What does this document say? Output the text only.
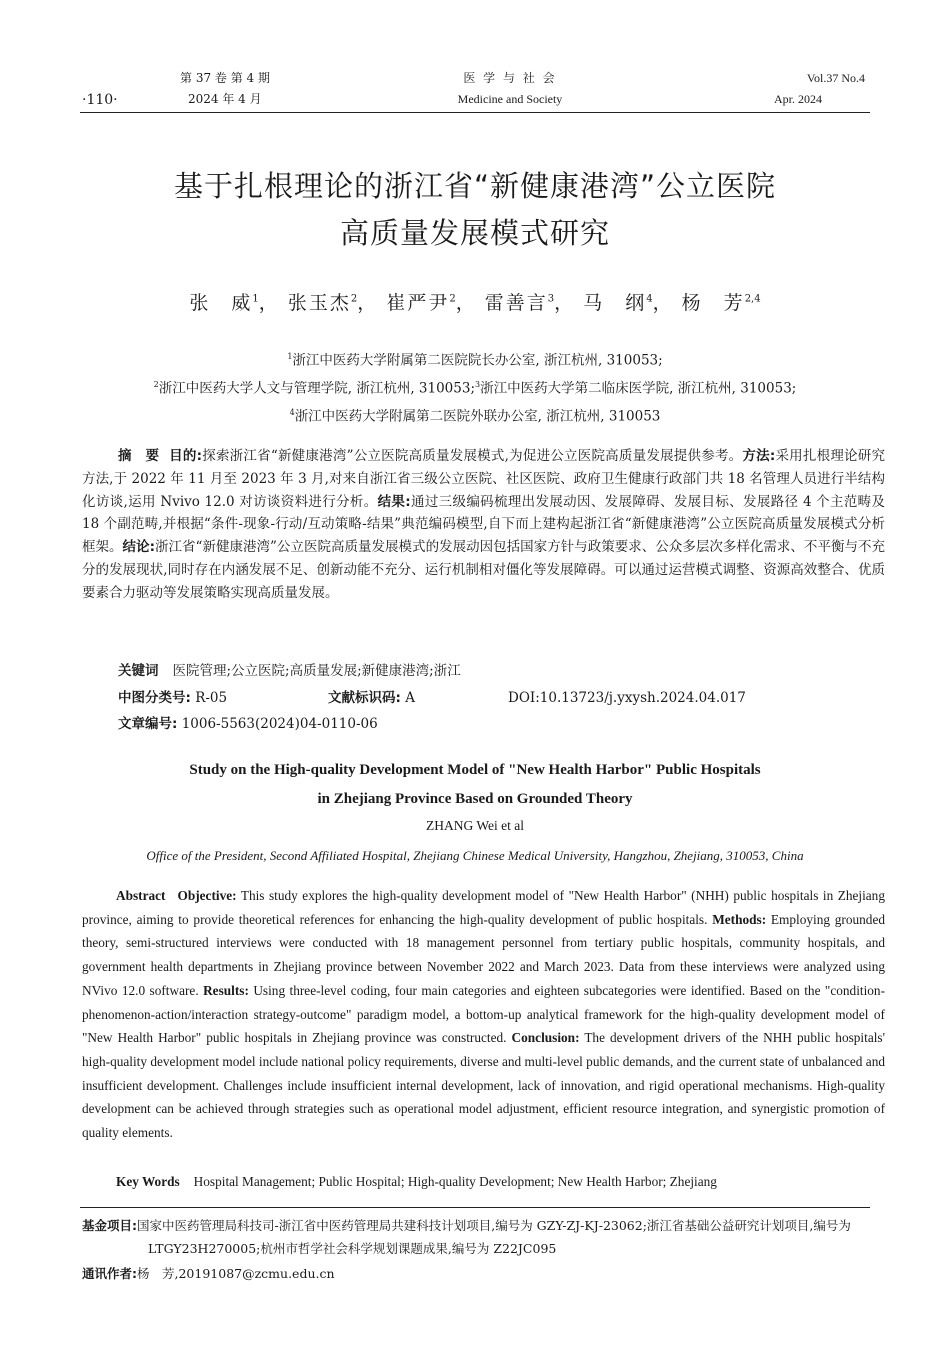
·110·
第 37 卷 第 4 期
2024 年 4 月
医 学 与 社 会
Medicine and Society
Vol.37 No.4
Apr. 2024
基于扎根理论的浙江省“新健康港湾”公立医院
高质量发展模式研究
张　威$^1$， 张玉杰$^2$， 崔严尹$^2$， 雷善言$^3$， 马　纲$^4$， 杨　芳$^{2,4}$
$^1$浙江中医药大学附属第二医院院长办公室, 浙江杭州, 310053;
$^2$浙江中医药大学人文与管理学院, 浙江杭州, 310053;$^3$浙江中医药大学第二临床医学院, 浙江杭州, 310053;
$^4$浙江中医药大学附属第二医院外联办公室, 浙江杭州, 310053
摘　要 目的:探索浙江省“新健康港湾”公立医院高质量发展模式,为促进公立医院高质量发展提供参考。方法:采用扎根理论研究方法,于 2022 年 11 月至 2023 年 3 月,对来自浙江省三级公立医院、社区医院、政府卫生健康行政部门共 18 名管理人员进行半结构化访谈,运用 Nvivo 12.0 对访谈资料进行分析。结果:通过三级编码梳理出发展动因、发展障碍、发展目标、发展路径 4 个主范畴及 18 个副范畴,并根据“条件-现象-行动/互动策略-结果”典范编码模型,自下而上建构起浙江省“新健康港湾”公立医院高质量发展模式分析框架。结论:浙江省“新健康港湾”公立医院高质量发展模式的发展动因包括国家方针与政策要求、公众多层次多样化需求、不平衡与不充分的发展现状,同时存在内涵发展不足、创新动能不充分、运行机制相对僵化等发展障碍。可以通过运营模式调整、资源高效整合、优质要素合力驱动等发展策略实现高质量发展。
关键词 医院管理;公立医院;高质量发展;新健康港湾;浙江
中图分类号: R-05	文献标识码: A	DOI:10.13723/j.yxysh.2024.04.017
文章编号: 1006-5563(2024)04-0110-06
Study on the High-quality Development Model of "New Health Harbor" Public Hospitals
in Zhejiang Province Based on Grounded Theory
ZHANG Wei et al
Office of the President, Second Affiliated Hospital, Zhejiang Chinese Medical University, Hangzhou, Zhejiang, 310053, China
Abstract Objective: This study explores the high-quality development model of "New Health Harbor" (NHH) public hospitals in Zhejiang province, aiming to provide theoretical references for enhancing the high-quality development of public hospitals. Methods: Employing grounded theory, semi-structured interviews were conducted with 18 management personnel from tertiary public hospitals, community hospitals, and government health departments in Zhejiang province between November 2022 and March 2023. Data from these interviews were analyzed using NVivo 12.0 software. Results: Using three-level coding, four main categories and eighteen subcategories were identified. Based on the "condition-phenomenon-action/interaction strategy-outcome" paradigm model, a bottom-up analytical framework for the high-quality development model of "New Health Harbor" public hospitals in Zhejiang province was constructed. Conclusion: The development drivers of the NHH public hospitals' high-quality development model include national policy requirements, diverse and multi-level public demands, and the current state of unbalanced and insufficient development. Challenges include insufficient internal development, lack of innovation, and rigid operational mechanisms. High-quality development can be achieved through strategies such as operational model adjustment, efficient resource integration, and synergistic promotion of quality elements.
Key Words Hospital Management; Public Hospital; High-quality Development; New Health Harbor; Zhejiang
基金项目:国家中医药管理局科技司-浙江省中医药管理局共建科技计划项目,编号为 GZY-ZJ-KJ-23062;浙江省基础公益研究计划项目,编号为 LTGY23H270005;杭州市哲学社会科学规划课题成果,编号为 Z22JC095
通讯作者:杨　芳,20191087@zcmu.edu.cn
